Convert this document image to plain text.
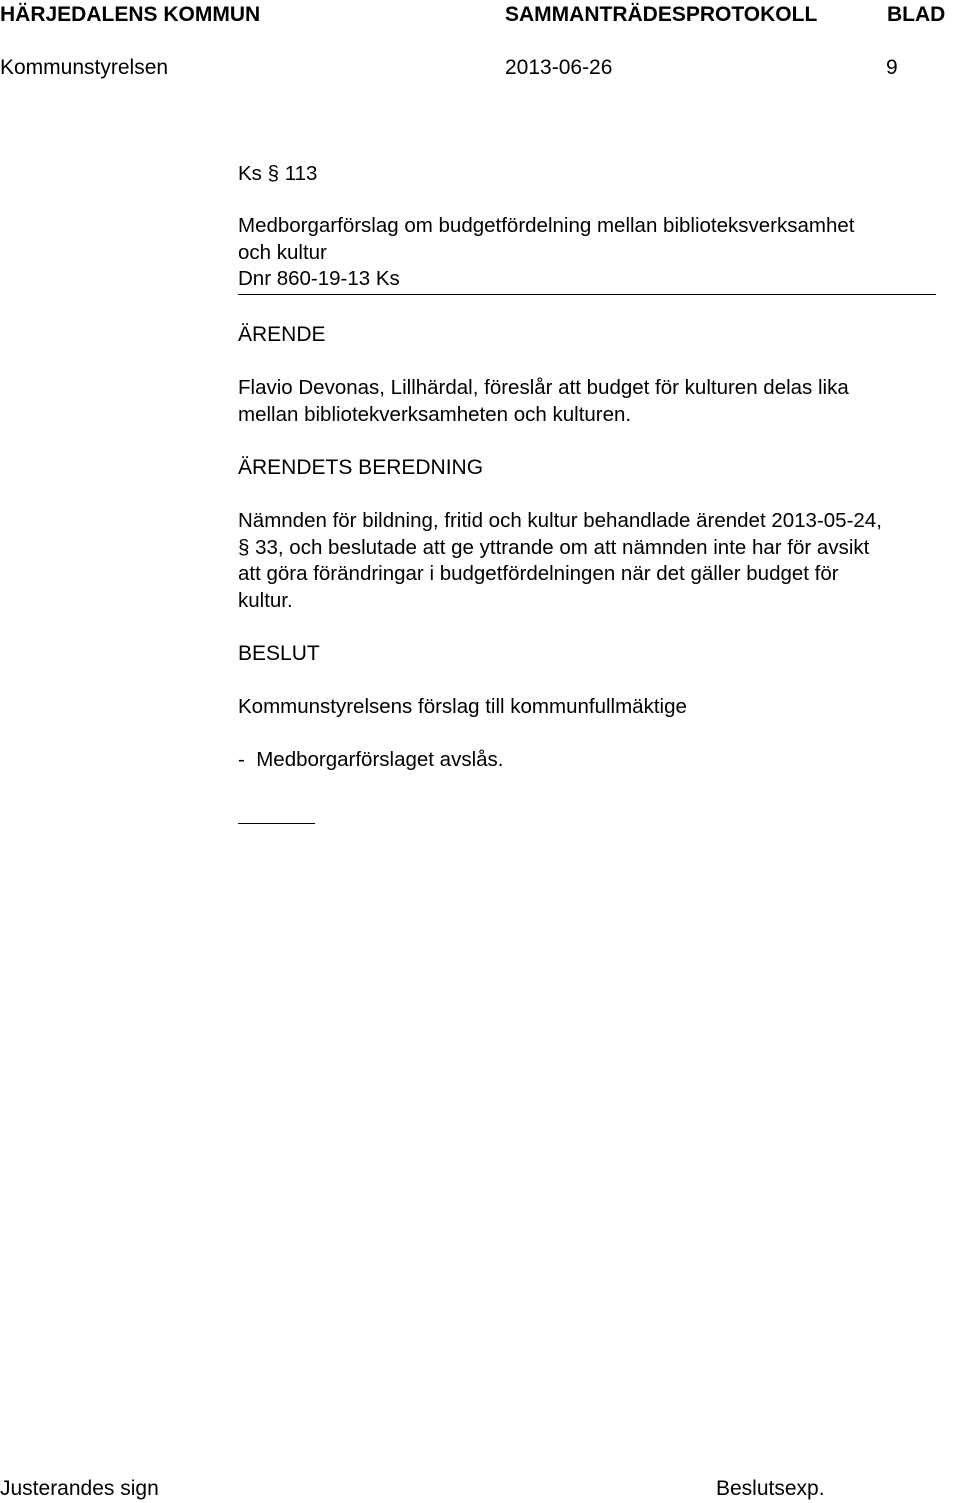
HÄRJEDALENS KOMMUN	SAMMANTRÄDESPROTOKOLL	BLAD
Kommunstyrelsen	2013-06-26	9
Ks § 113
Medborgarförslag om budgetfördelning mellan biblioteksverksamhet
och kultur
Dnr 860-19-13 Ks
ÄRENDE
Flavio Devonas, Lillhärdal, föreslår att budget för kulturen delas lika
mellan bibliotekverksamheten och kulturen.
ÄRENDETS BEREDNING
Nämnden för bildning, fritid och kultur behandlade ärendet 2013-05-24,
§ 33, och beslutade att ge yttrande om att nämnden inte har för avsikt
att göra förändringar i budgetfördelningen när det gäller budget för
kultur.
BESLUT
Kommunstyrelsens förslag till kommunfullmäktige
-  Medborgarförslaget avslås.
Justerandes sign	Beslutsexp.
